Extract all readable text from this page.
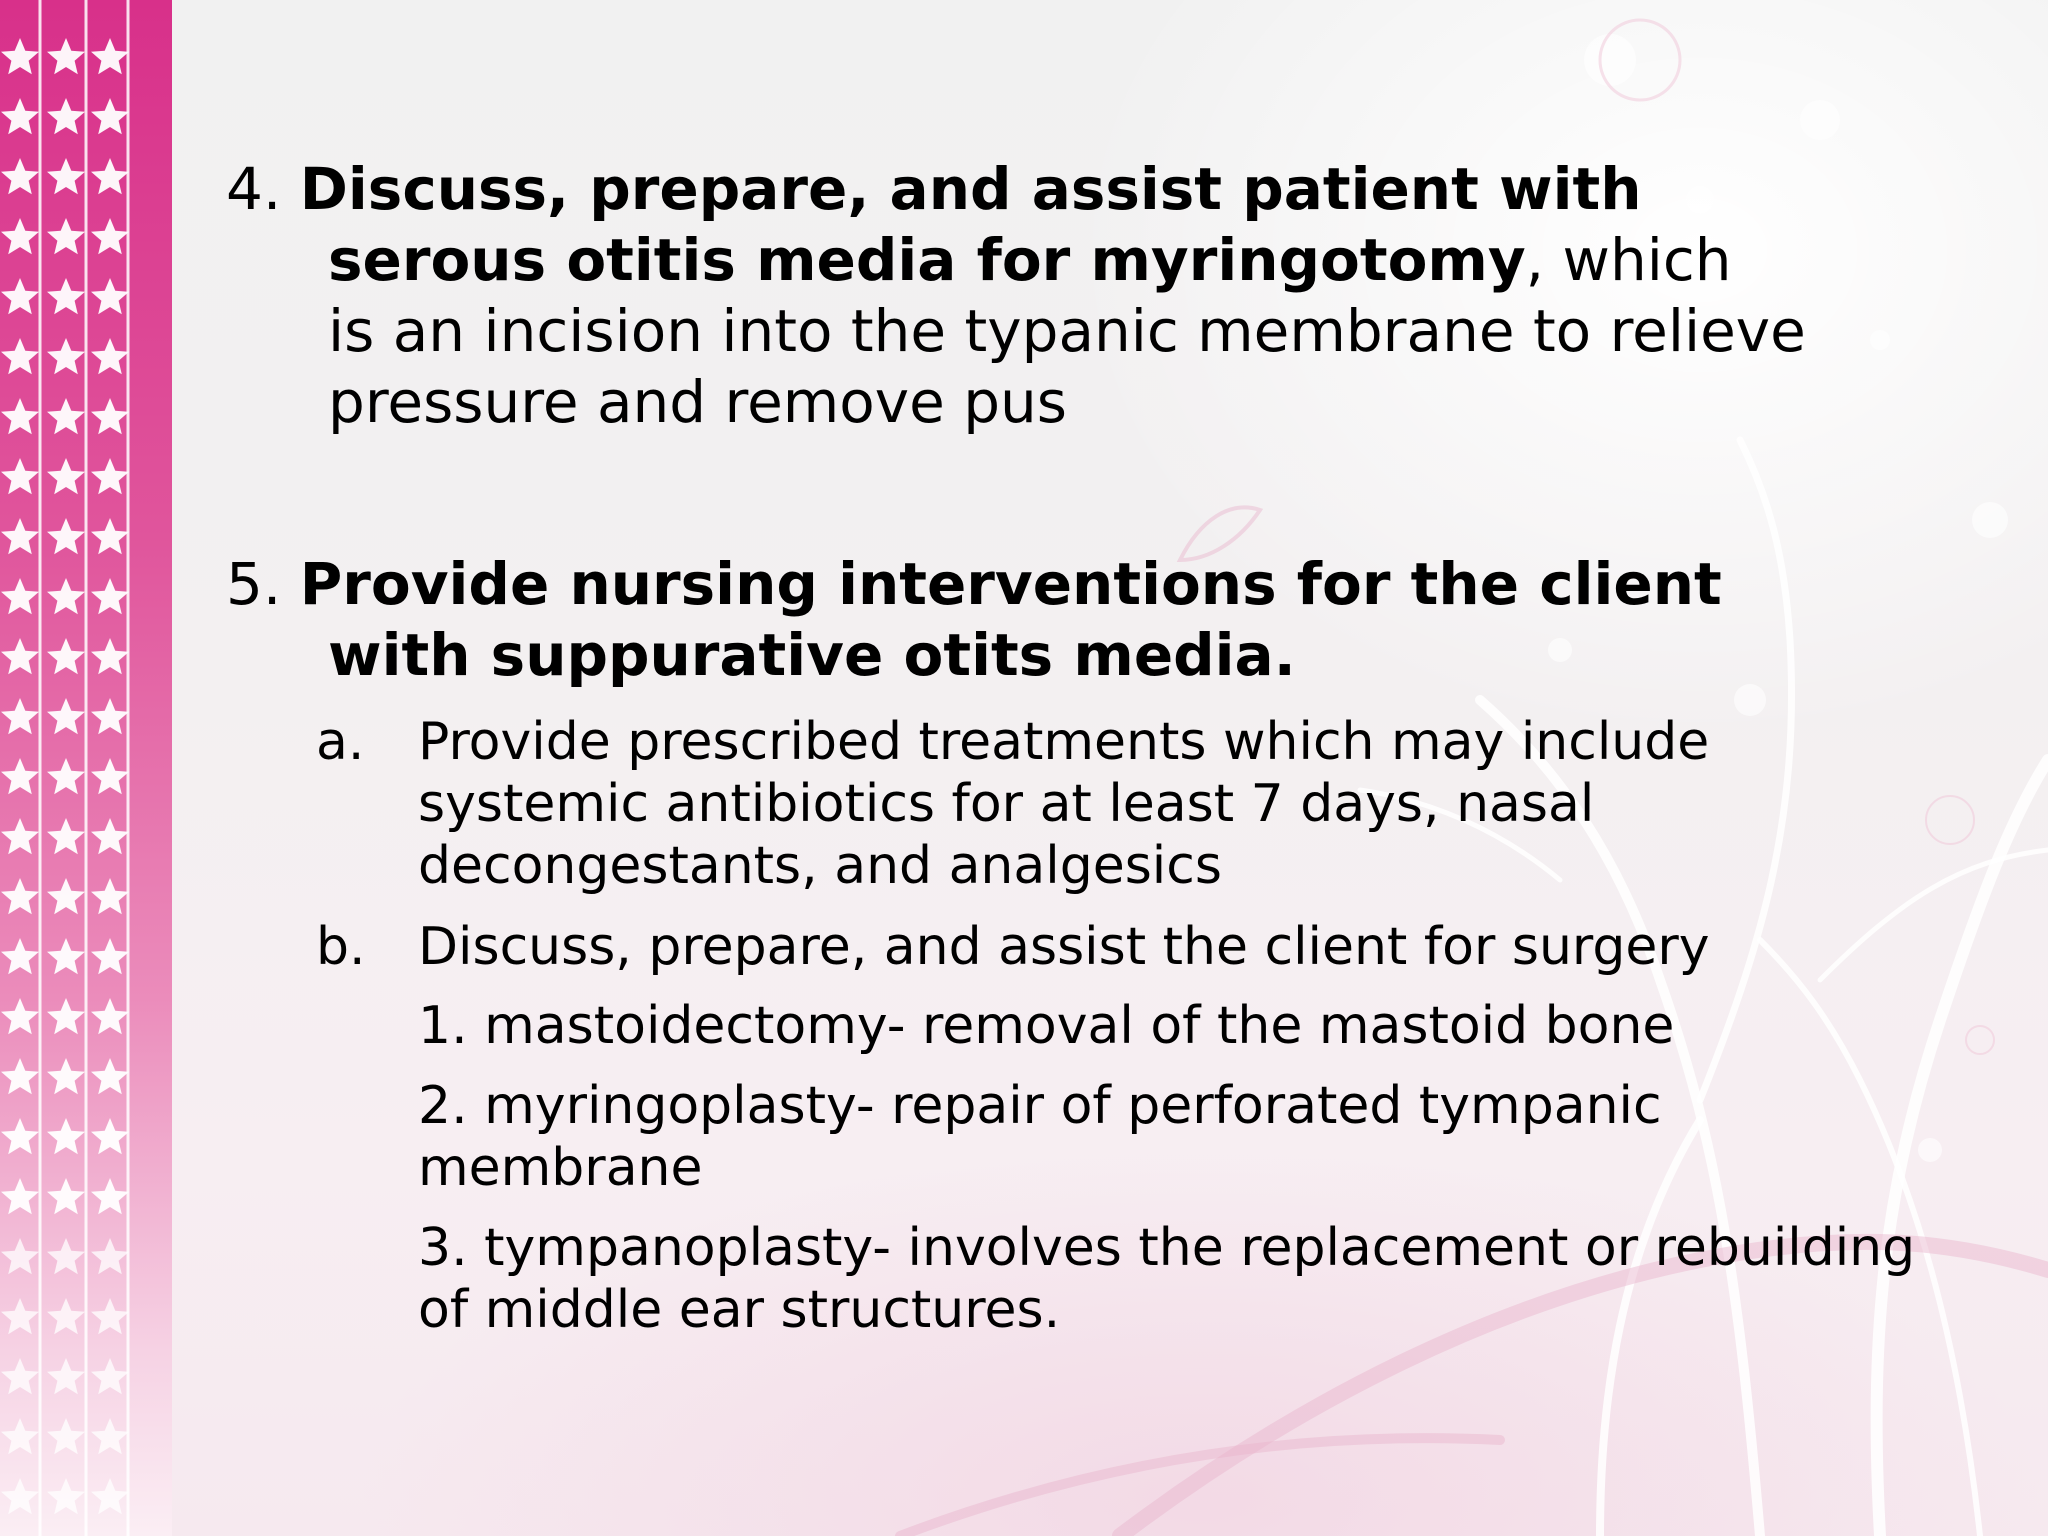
4. Discuss, prepare, and assist patient with
serous otitis media for myringotomy, which
is an incision into the typanic membrane to relieve
pressure and remove pus
5. Provide nursing interventions for the client
with suppurative otits media.
a. Provide prescribed treatments which may include
systemic antibiotics for at least 7 days, nasal
decongestants, and analgesics
b. Discuss, prepare, and assist the client for surgery
1. mastoidectomy- removal of the mastoid bone
2. myringoplasty- repair of perforated tympanic
membrane
3. tympanoplasty- involves the replacement or rebuilding
of middle ear structures.
